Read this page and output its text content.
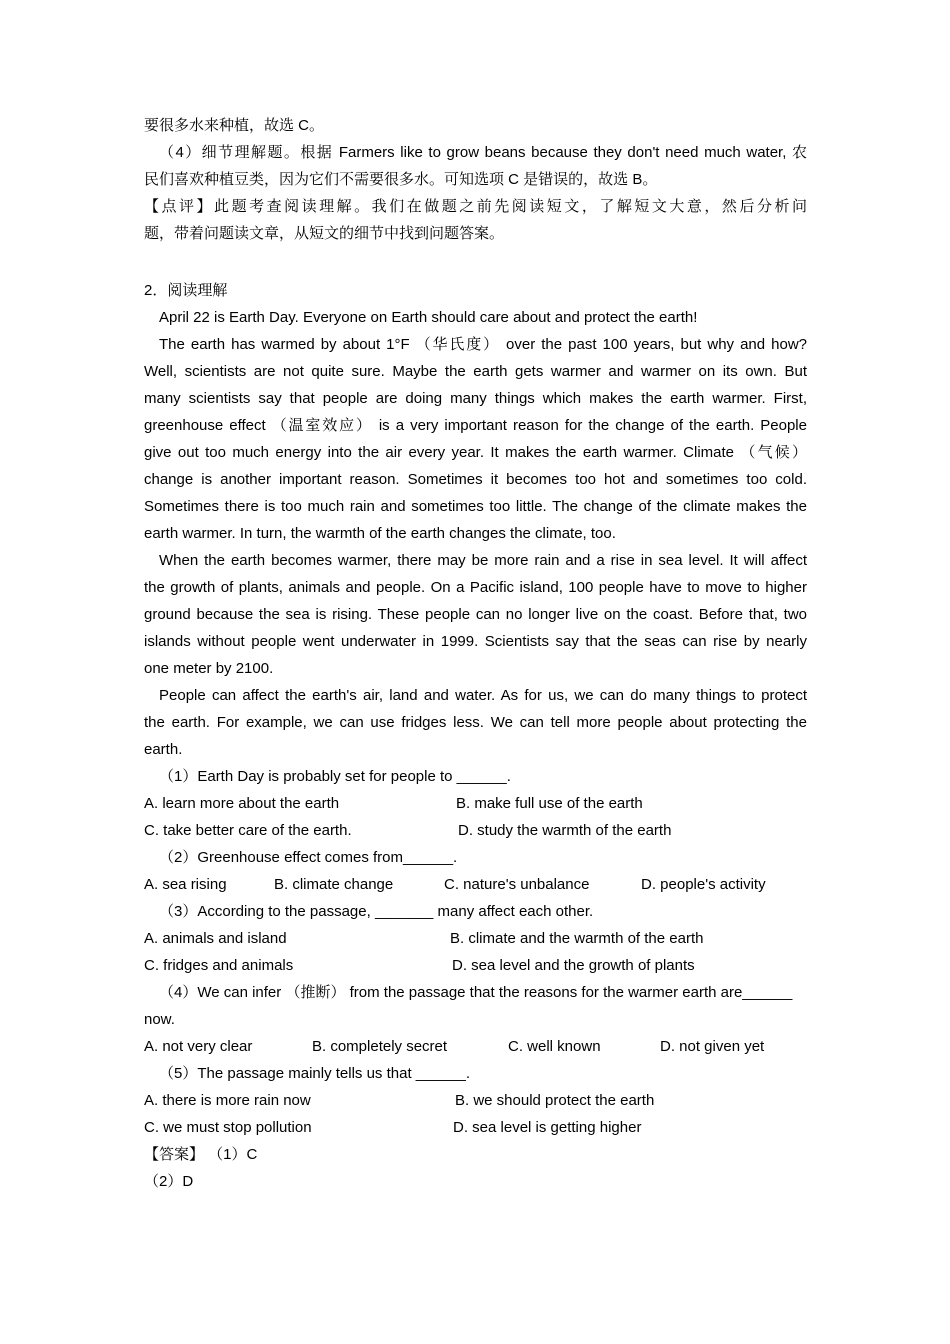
要很多水来种植，故选 C。
（4）细节理解题。根据 Farmers like to grow beans because they don't need much water, 农
民们喜欢种植豆类，因为它们不需要很多水。可知选项 C 是错误的，故选 B。
【点评】此题考查阅读理解。我们在做题之前先阅读短文，了解短文大意，然后分析问
题，带着问题读文章，从短文的细节中找到问题答案。
2．阅读理解
April 22 is Earth Day. Everyone on Earth should care about and protect the earth!
The earth has warmed by about 1°F （华氏度） over the past 100 years, but why and how?
Well, scientists are not quite sure. Maybe the earth gets warmer and warmer on its own. But
many scientists say that people are doing many things which makes the earth warmer. First,
greenhouse effect （温室效应） is a very important reason for the change of the earth. People
give out too much energy into the air every year. It makes the earth warmer. Climate （气候）
change is another important reason. Sometimes it becomes too hot and sometimes too cold.
Sometimes there is too much rain and sometimes too little. The change of the climate makes the
earth warmer. In turn, the warmth of the earth changes the climate, too.
When the earth becomes warmer, there may be more rain and a rise in sea level. It will affect
the growth of plants, animals and people. On a Pacific island, 100 people have to move to higher
ground because the sea is rising. These people can no longer live on the coast. Before that, two
islands without people went underwater in 1999. Scientists say that the seas can rise by nearly
one meter by 2100.
People can affect the earth's air, land and water. As for us, we can do many things to protect
the earth. For example, we can use fridges less. We can tell more people about protecting the
earth.
（1）Earth Day is probably set for people to ______.
A. learn more about the earth	B. make full use of the earth
C. take better care of the earth.	D. study the warmth of the earth
（2）Greenhouse effect comes from______.
A. sea rising	B. climate change	C. nature's unbalance	D. people's activity
（3）According to the passage, _______ many affect each other.
A. animals and island	B. climate and the warmth of the earth
C. fridges and animals	D. sea level and the growth of plants
（4）We can infer （推断） from the passage that the reasons for the warmer earth are______
now.
A. not very clear	B. completely secret	C. well known	D. not given yet
（5）The passage mainly tells us that ______.
A. there is more rain now	B. we should protect the earth
C. we must stop pollution	D. sea level is getting higher
【答案】 （1）C
（2）D
